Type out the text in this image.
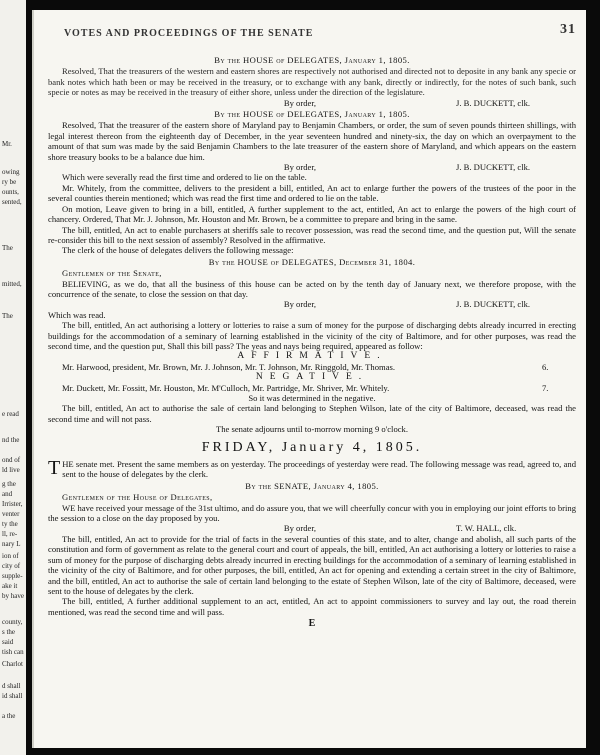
Mr.
owing
ry be
ounts,
sented,
The
mitted,
The
e read
nd the
ond of
ld live
g the
and
Irrister,
venter
ty the
ll, re-
nary L
ion of
city of
supple-
ake it
by have
county,
s the
said
tish can
Charlot
d shall
id shall
a the
VOTES AND PROCEEDINGS OF THE SENATE	31

By the HOUSE of DELEGATES, January 1, 1805.

Resolved, That the treasurers of the western and eastern shores are respectively not authorised and directed not to deposite in any bank any specie or bank notes which hath been or may be received in the treasury, or to exchange with any bank, directly or indirectly, for the notes of such bank, such specie or notes as may be received in the treasury of either shore, unless under the direction of the legislature.

By order,	J. B. DUCKETT, clk.

By the HOUSE of DELEGATES, January 1, 1805.

Resolved, That the treasurer of the eastern shore of Maryland pay to Benjamin Chambers, or order, the sum of seven pounds thirteen shillings, with legal interest thereon from the eighteenth day of December, in the year seventeen hundred and ninety-six, the day on which an overpayment to the amount of that sum was made by the said Benjamin Chambers to the late treasurer of the eastern shore of Maryland, and which appears on the eastern shore treasury books to be a balance due him.

By order,	J. B. DUCKETT, clk.

Which were severally read the first time and ordered to lie on the table.

Mr. Whitely, from the committee, delivers to the president a bill, entitled, An act to enlarge further the powers of the trustees of the poor in the several counties therein mentioned; which was read the first time and ordered to lie on the table.

On motion, Leave given to bring in a bill, entitled, A further supplement to the act, entitled, An act to enlarge the powers of the high court of chancery. Ordered, That Mr. J. Johnson, Mr. Houston and Mr. Brown, be a committee to prepare and bring in the same.

The bill, entitled, An act to enable purchasers at sheriffs sale to recover possession, was read the second time, and the question put, Will the senate re-consider this bill to the next session of assembly? Resolved in the affirmative.

The clerk of the house of delegates delivers the following message:

By the HOUSE of DELEGATES, December 31, 1804.

Gentlemen of the Senate,

BELIEVING, as we do, that all the business of this house can be acted on by the tenth day of January next, we therefore propose, with the concurrence of the senate, to close the session on that day.

By order,	J. B. DUCKETT, clk.

Which was read.

The bill, entitled, An act authorising a lottery or lotteries to raise a sum of money for the purpose of discharging debts already incurred in erecting buildings for the accommodation of a seminary of learning established in the vicinity of the city of Baltimore, and for other purposes, was read the second time, and the question put, Shall this bill pass? The yeas and nays being required, appeared as follow:

AFFIRMATIVE.

Mr. Harwood, president, Mr. Brown, Mr. J. Johnson, Mr. T. Johnson, Mr. Ringgold, Mr. Thomas.	6.

NEGATIVE.

Mr. Duckett, Mr. Fossitt, Mr. Houston, Mr. M'Culloch, Mr. Partridge, Mr. Shriver, Mr. Whitely.	7.

So it was determined in the negative.

The bill, entitled, An act to authorise the sale of certain land belonging to Stephen Wilson, late of the city of Baltimore, deceased, was read the second time and will not pass.

The senate adjourns until to-morrow morning 9 o'clock.

FRIDAY, January 4, 1805.

THE senate met. Present the same members as on yesterday. The proceedings of yesterday were read. The following message was read, agreed to, and sent to the house of delegates by the clerk.

By the SENATE, January 4, 1805.

Gentlemen of the House of Delegates,

WE have received your message of the 31st ultimo, and do assure you, that we will cheerfully concur with you in employing our joint efforts to bring the session to a close on the day proposed by you.

By order,	T. W. HALL, clk.

The bill, entitled, An act to provide for the trial of facts in the several counties of this state, and to alter, change and abolish, all such parts of the constitution and form of government as relate to the general court and court of appeals, the bill, entitled, An act authorising a lottery or lotteries to raise a sum of money for the purpose of discharging debts already incurred in erecting buildings for the accommodation of a seminary of learning established in the vicinity of the city of Baltimore, and for other purposes, the bill, entitled, An act for opening and extending a certain street in the city of Baltimore, and the bill, entitled, An act to authorise the sale of certain land belonging to the estate of Stephen Wilson, late of the city of Baltimore, deceased, were sent to the house of delegates by the clerk.

The bill, entitled, A further additional supplement to an act, entitled, An act to appoint commissioners to survey and lay out, the road therein mentioned, was read the second time and will pass.

E
